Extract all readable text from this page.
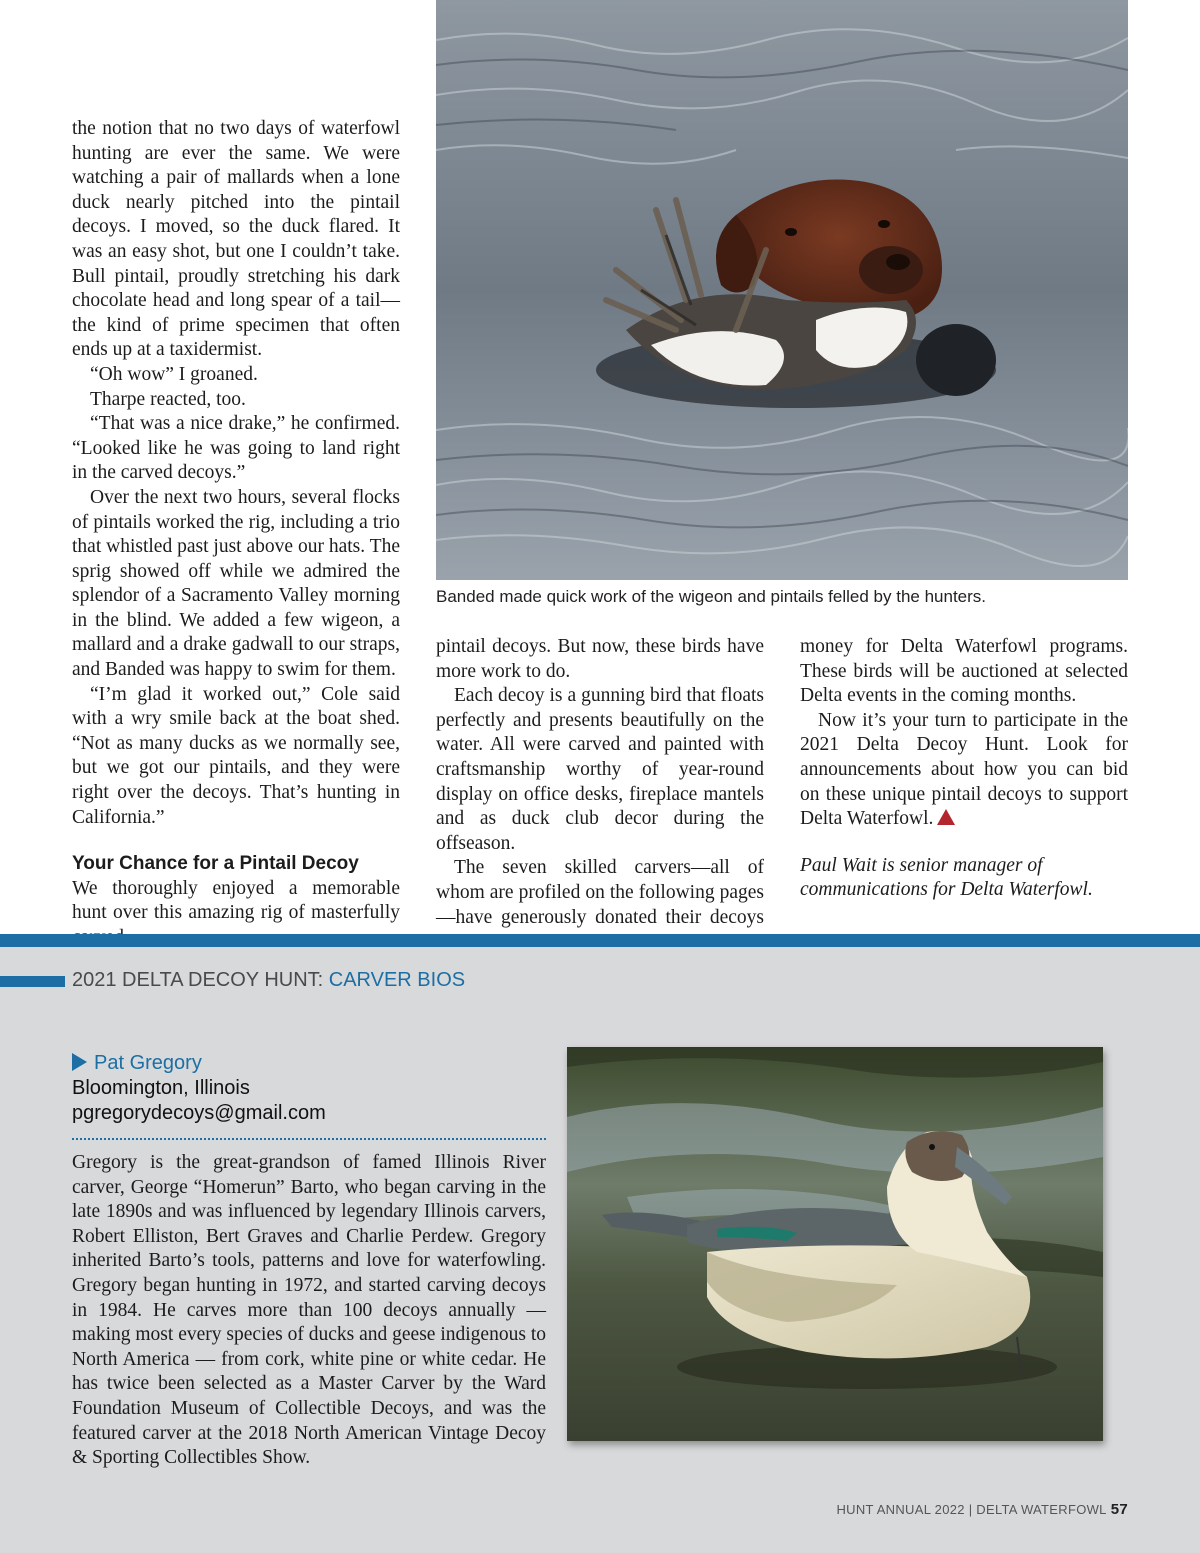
Banded made quick work of the wigeon and pintails felled by the hunters.

the notion that no two days of waterfowl hunting are ever the same. We were watching a pair of mallards when a lone duck nearly pitched into the pintail decoys. I moved, so the duck flared. It was an easy shot, but one I couldn’t take. Bull pintail, proudly stretching his dark chocolate head and long spear of a tail—the kind of prime specimen that often ends up at a taxidermist.

“Oh wow” I groaned.

Tharpe reacted, too.

“That was a nice drake,” he confirmed. “Looked like he was going to land right in the carved decoys.”

Over the next two hours, several flocks of pintails worked the rig, including a trio that whistled past just above our hats. The sprig showed off while we admired the splendor of a Sacramento Valley morning in the blind. We added a few wigeon, a mallard and a drake gadwall to our straps, and Banded was happy to swim for them.

“I’m glad it worked out,” Cole said with a wry smile back at the boat shed. “Not as many ducks as we normally see, but we got our pintails, and they were right over the decoys. That’s hunting in California.”

Your Chance for a Pintail Decoy

We thoroughly enjoyed a memorable hunt over this amazing rig of masterfully

pintail decoys. But now, these birds have more work to do.

Each decoy is a gunning bird that floats perfectly and presents beautifully on the water. All were carved and painted with craftsmanship worthy of year-round display on office desks, fireplace mantels and as duck club decor during the offseason.

The seven skilled carvers—all of whom are profiled on the following pages—have generously donated their decoys

money for Delta Waterfowl programs. These birds will be auctioned at selected Delta events in the coming months.

Now it’s your turn to participate in the 2021 Delta Decoy Hunt. Look for announcements about how you can bid on these unique pintail decoys to support Delta Waterfowl.

Paul Wait is senior manager of communications for Delta Waterfowl.

2021 DELTA DECOY HUNT: CARVER BIOS
Pat Gregory
Bloomington, Illinois
pgregorydecoys@gmail.com

Gregory is the great-grandson of famed Illinois River carver, George “Homerun” Barto, who began carving in the late 1890s and was influenced by legendary Illinois carvers, Robert Elliston, Bert Graves and Charlie Perdew. Gregory inherited Barto’s tools, patterns and love for waterfowling. Gregory began hunting in 1972, and started carving decoys in 1984. He carves more than 100 decoys annually — making most every species of ducks and geese indigenous to North America — from cork, white pine or white cedar. He has twice been selected as a Master Carver by the Ward Foundation Museum of Collectible Decoys, and was the featured carver at the 2018 North American Vintage Decoy & Sporting Collectibles Show.

HUNT ANNUAL 2022 | DELTA WATERFOWL 57
